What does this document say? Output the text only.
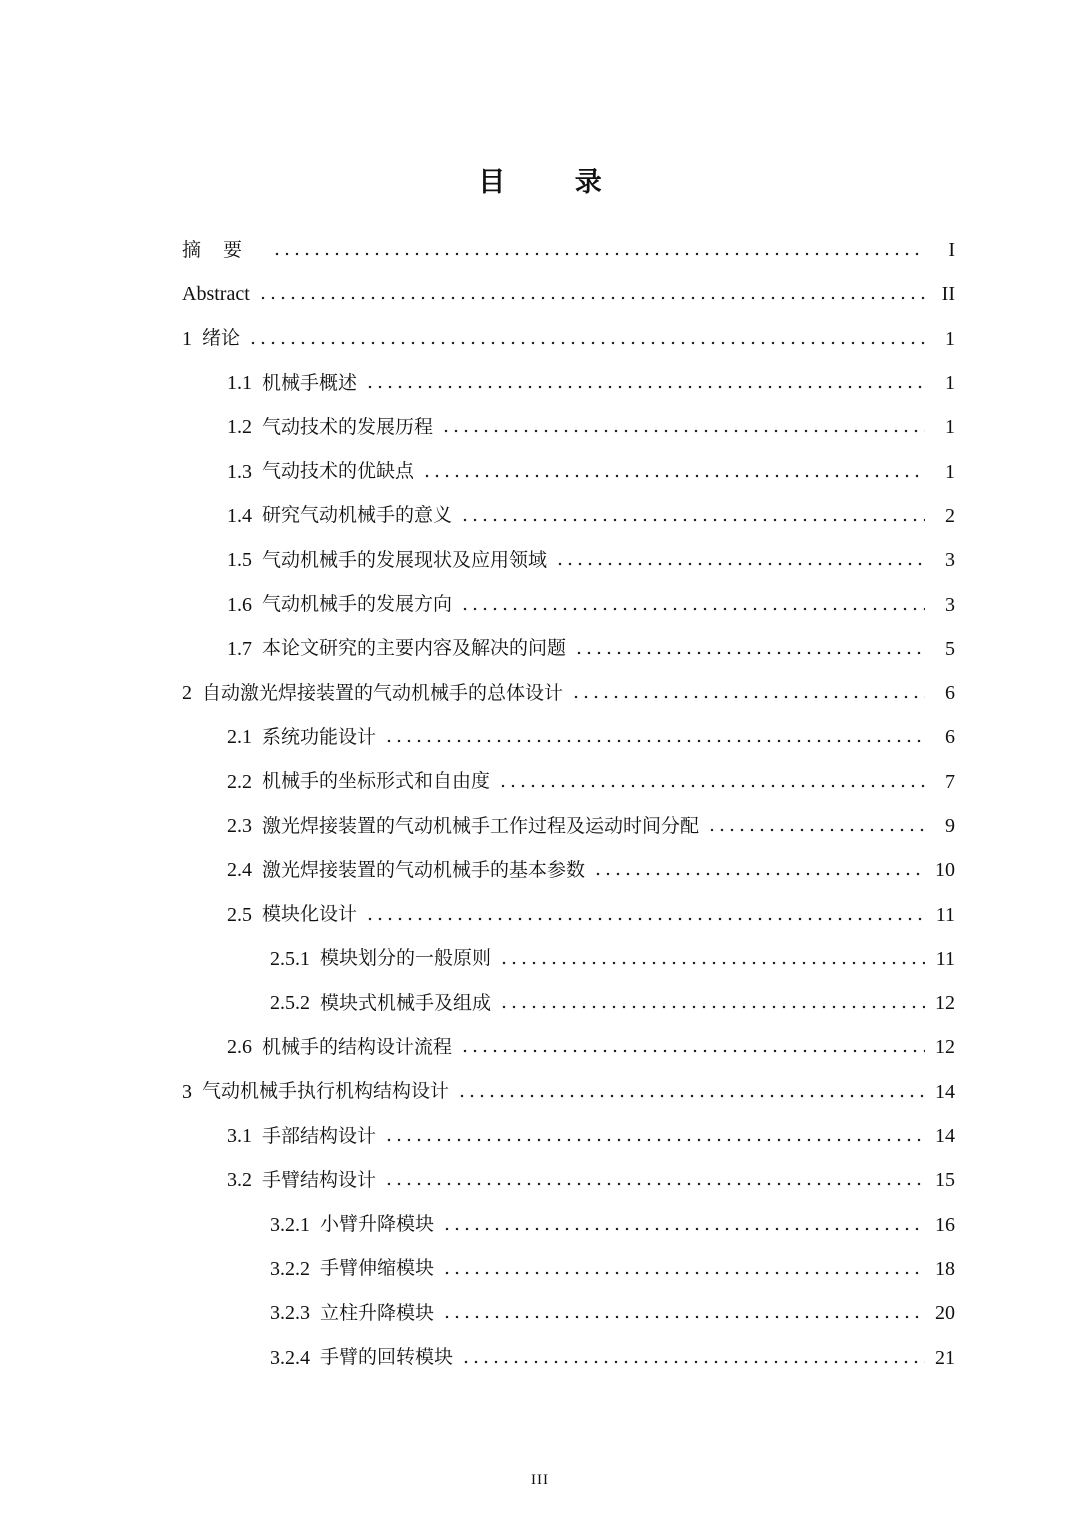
目 录
摘要	I
Abstract	II
1 绪论	1
1.1 机械手概述	1
1.2 气动技术的发展历程	1
1.3 气动技术的优缺点	1
1.4 研究气动机械手的意义	2
1.5 气动机械手的发展现状及应用领域	3
1.6 气动机械手的发展方向	3
1.7 本论文研究的主要内容及解决的问题	5
2 自动激光焊接装置的气动机械手的总体设计	6
2.1 系统功能设计	6
2.2 机械手的坐标形式和自由度	7
2.3 激光焊接装置的气动机械手工作过程及运动时间分配	9
2.4 激光焊接装置的气动机械手的基本参数	10
2.5 模块化设计	11
2.5.1 模块划分的一般原则	11
2.5.2 模块式机械手及组成	12
2.6 机械手的结构设计流程	12
3 气动机械手执行机构结构设计	14
3.1 手部结构设计	14
3.2 手臂结构设计	15
3.2.1 小臂升降模块	16
3.2.2 手臂伸缩模块	18
3.2.3 立柱升降模块	20
3.2.4 手臂的回转模块	21
III
